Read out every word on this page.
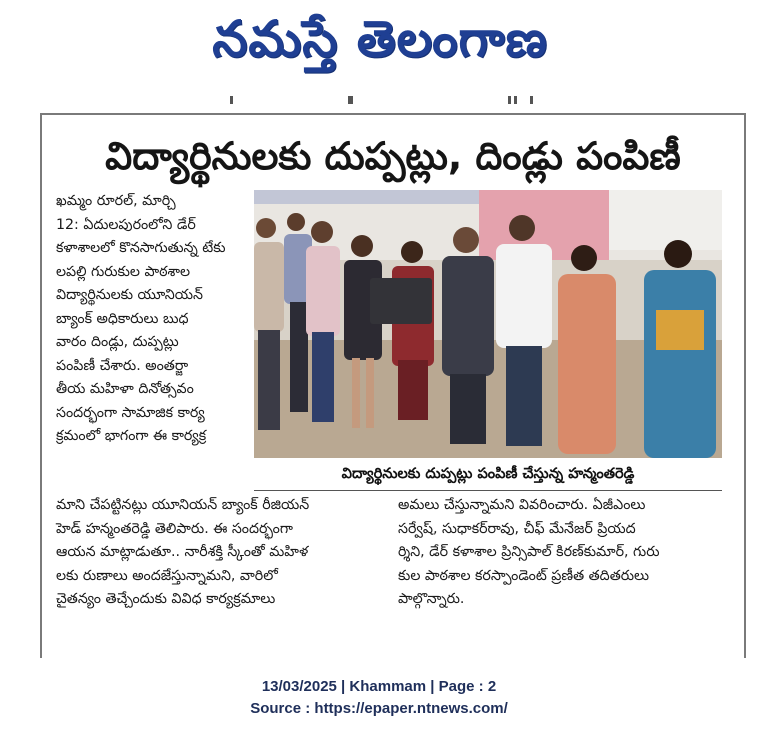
నమస్తే తెలంగాణ
విద్యార్థినులకు దుప్పట్లు, దిండ్లు పంపిణీ

ఖమ్మం రూరల్, మార్చి

12: ఏదులపురంలోని డేర్

కళాశాలలో కొనసాగుతున్న టేకు

లపల్లి గురుకుల పాఠశాల

విద్యార్థినులకు యూనియన్

బ్యాంక్ అధికారులు బుధ

వారం దిండ్లు, దుప్పట్లు

పంపిణీ చేశారు. అంతర్జా

తీయ మహిళా దినోత్సవం

సందర్భంగా సామాజిక కార్య

క్రమంలో భాగంగా ఈ కార్యక్ర

విద్యార్థినులకు దుప్పట్లు పంపిణీ చేస్తున్న హన్మంతరెడ్డి

మాని చేపట్టినట్లు యూనియన్ బ్యాంక్ రీజియన్

హెడ్ హన్మంతరెడ్డి తెలిపారు. ఈ సందర్భంగా

ఆయన మాట్లాడుతూ.. నారీశక్తి స్కీంతో మహిళ

లకు రుణాలు అందజేస్తున్నామని, వారిలో

చైతన్యం తెచ్చేందుకు వివిధ కార్యక్రమాలు

అమలు చేస్తున్నామని వివరించారు. ఏజీఎంలు

సర్వేష్, సుధాకర్‌రావు, చీఫ్ మేనేజర్ ప్రియద

ర్శిని, డేర్ కళాశాల ప్రిన్సిపాల్ కిరణ్‌కుమార్, గురు

కుల పాఠశాల కరస్పాండెంట్ ప్రణీత తదితరులు

పాల్గొన్నారు.

13/03/2025 | Khammam | Page : 2
Source : https://epaper.ntnews.com/
